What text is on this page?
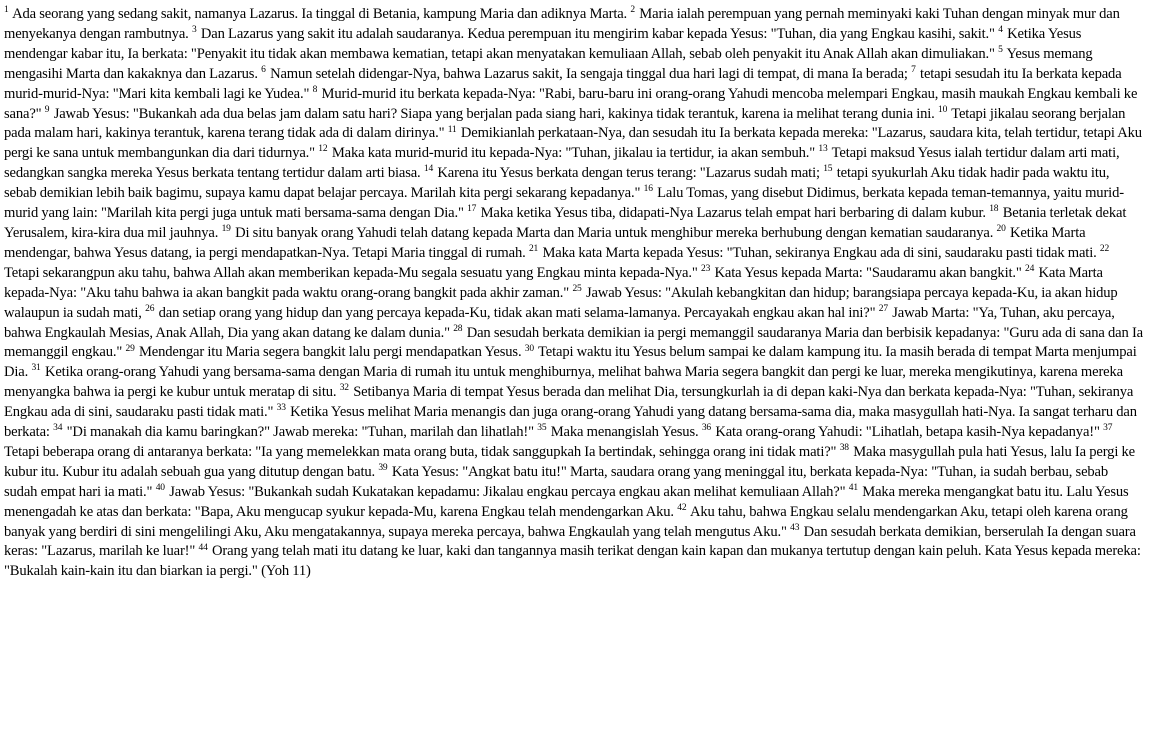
$^1$ Ada seorang yang sedang sakit, namanya Lazarus. Ia tinggal di Betania, kampung Maria dan adiknya Marta. $^2$ Maria ialah perempuan yang pernah meminyaki kaki Tuhan dengan minyak mur dan menyekanya dengan rambutnya. $^3$ Dan Lazarus yang sakit itu adalah saudaranya. Kedua perempuan itu mengirim kabar kepada Yesus: "Tuhan, dia yang Engkau kasihi, sakit." $^4$ Ketika Yesus mendengar kabar itu, Ia berkata: "Penyakit itu tidak akan membawa kematian, tetapi akan menyatakan kemuliaan Allah, sebab oleh penyakit itu Anak Allah akan dimuliakan." $^5$ Yesus memang mengasihi Marta dan kakaknya dan Lazarus. $^6$ Namun setelah didengar-Nya, bahwa Lazarus sakit, Ia sengaja tinggal dua hari lagi di tempat, di mana Ia berada; $^7$ tetapi sesudah itu Ia berkata kepada murid-murid-Nya: "Mari kita kembali lagi ke Yudea." $^8$ Murid-murid itu berkata kepada-Nya: "Rabi, baru-baru ini orang-orang Yahudi mencoba melempari Engkau, masih maukah Engkau kembali ke sana?" $^9$ Jawab Yesus: "Bukankah ada dua belas jam dalam satu hari? Siapa yang berjalan pada siang hari, kakinya tidak terantuk, karena ia melihat terang dunia ini. $^{10}$ Tetapi jikalau seorang berjalan pada malam hari, kakinya terantuk, karena terang tidak ada di dalam dirinya." $^{11}$ Demikianlah perkataan-Nya, dan sesudah itu Ia berkata kepada mereka: "Lazarus, saudara kita, telah tertidur, tetapi Aku pergi ke sana untuk membangunkan dia dari tidurnya." $^{12}$ Maka kata murid-murid itu kepada-Nya: "Tuhan, jikalau ia tertidur, ia akan sembuh." $^{13}$ Tetapi maksud Yesus ialah tertidur dalam arti mati, sedangkan sangka mereka Yesus berkata tentang tertidur dalam arti biasa. $^{14}$ Karena itu Yesus berkata dengan terus terang: "Lazarus sudah mati; $^{15}$ tetapi syukurlah Aku tidak hadir pada waktu itu, sebab demikian lebih baik bagimu, supaya kamu dapat belajar percaya. Marilah kita pergi sekarang kepadanya." $^{16}$ Lalu Tomas, yang disebut Didimus, berkata kepada teman-temannya, yaitu murid-murid yang lain: "Marilah kita pergi juga untuk mati bersama-sama dengan Dia." $^{17}$ Maka ketika Yesus tiba, didapati-Nya Lazarus telah empat hari berbaring di dalam kubur. $^{18}$ Betania terletak dekat Yerusalem, kira-kira dua mil jauhnya. $^{19}$ Di situ banyak orang Yahudi telah datang kepada Marta dan Maria untuk menghibur mereka berhubung dengan kematian saudaranya. $^{20}$ Ketika Marta mendengar, bahwa Yesus datang, ia pergi mendapatkan-Nya. Tetapi Maria tinggal di rumah. $^{21}$ Maka kata Marta kepada Yesus: "Tuhan, sekiranya Engkau ada di sini, saudaraku pasti tidak mati. $^{22}$ Tetapi sekarangpun aku tahu, bahwa Allah akan memberikan kepada-Mu segala sesuatu yang Engkau minta kepada-Nya." $^{23}$ Kata Yesus kepada Marta: "Saudaramu akan bangkit." $^{24}$ Kata Marta kepada-Nya: "Aku tahu bahwa ia akan bangkit pada waktu orang-orang bangkit pada akhir zaman." $^{25}$ Jawab Yesus: "Akulah kebangkitan dan hidup; barangsiapa percaya kepada-Ku, ia akan hidup walaupun ia sudah mati, $^{26}$ dan setiap orang yang hidup dan yang percaya kepada-Ku, tidak akan mati selama-lamanya. Percayakah engkau akan hal ini?" $^{27}$ Jawab Marta: "Ya, Tuhan, aku percaya, bahwa Engkaulah Mesias, Anak Allah, Dia yang akan datang ke dalam dunia." $^{28}$ Dan sesudah berkata demikian ia pergi memanggil saudaranya Maria dan berbisik kepadanya: "Guru ada di sana dan Ia memanggil engkau." $^{29}$ Mendengar itu Maria segera bangkit lalu pergi mendapatkan Yesus. $^{30}$ Tetapi waktu itu Yesus belum sampai ke dalam kampung itu. Ia masih berada di tempat Marta menjumpai Dia. $^{31}$ Ketika orang-orang Yahudi yang bersama-sama dengan Maria di rumah itu untuk menghiburnya, melihat bahwa Maria segera bangkit dan pergi ke luar, mereka mengikutinya, karena mereka menyangka bahwa ia pergi ke kubur untuk meratap di situ. $^{32}$ Setibanya Maria di tempat Yesus berada dan melihat Dia, tersungkurlah ia di depan kaki-Nya dan berkata kepada-Nya: "Tuhan, sekiranya Engkau ada di sini, saudaraku pasti tidak mati." $^{33}$ Ketika Yesus melihat Maria menangis dan juga orang-orang Yahudi yang datang bersama-sama dia, maka masygullah hati-Nya. Ia sangat terharu dan berkata: $^{34}$ "Di manakah dia kamu baringkan?" Jawab mereka: "Tuhan, marilah dan lihatlah!" $^{35}$ Maka menangislah Yesus. $^{36}$ Kata orang-orang Yahudi: "Lihatlah, betapa kasih-Nya kepadanya!" $^{37}$ Tetapi beberapa orang di antaranya berkata: "Ia yang memelekkan mata orang buta, tidak sanggupkah Ia bertindak, sehingga orang ini tidak mati?" $^{38}$ Maka masygullah pula hati Yesus, lalu Ia pergi ke kubur itu. Kubur itu adalah sebuah gua yang ditutup dengan batu. $^{39}$ Kata Yesus: "Angkat batu itu!" Marta, saudara orang yang meninggal itu, berkata kepada-Nya: "Tuhan, ia sudah berbau, sebab sudah empat hari ia mati." $^{40}$ Jawab Yesus: "Bukankah sudah Kukatakan kepadamu: Jikalau engkau percaya engkau akan melihat kemuliaan Allah?" $^{41}$ Maka mereka mengangkat batu itu. Lalu Yesus menengadah ke atas dan berkata: "Bapa, Aku mengucap syukur kepada-Mu, karena Engkau telah mendengarkan Aku. $^{42}$ Aku tahu, bahwa Engkau selalu mendengarkan Aku, tetapi oleh karena orang banyak yang berdiri di sini mengelilingi Aku, Aku mengatakannya, supaya mereka percaya, bahwa Engkaulah yang telah mengutus Aku." $^{43}$ Dan sesudah berkata demikian, berserulah Ia dengan suara keras: "Lazarus, marilah ke luar!" $^{44}$ Orang yang telah mati itu datang ke luar, kaki dan tangannya masih terikat dengan kain kapan dan mukanya tertutup dengan kain peluh. Kata Yesus kepada mereka: "Bukalah kain-kain itu dan biarkan ia pergi." (Yoh 11)
